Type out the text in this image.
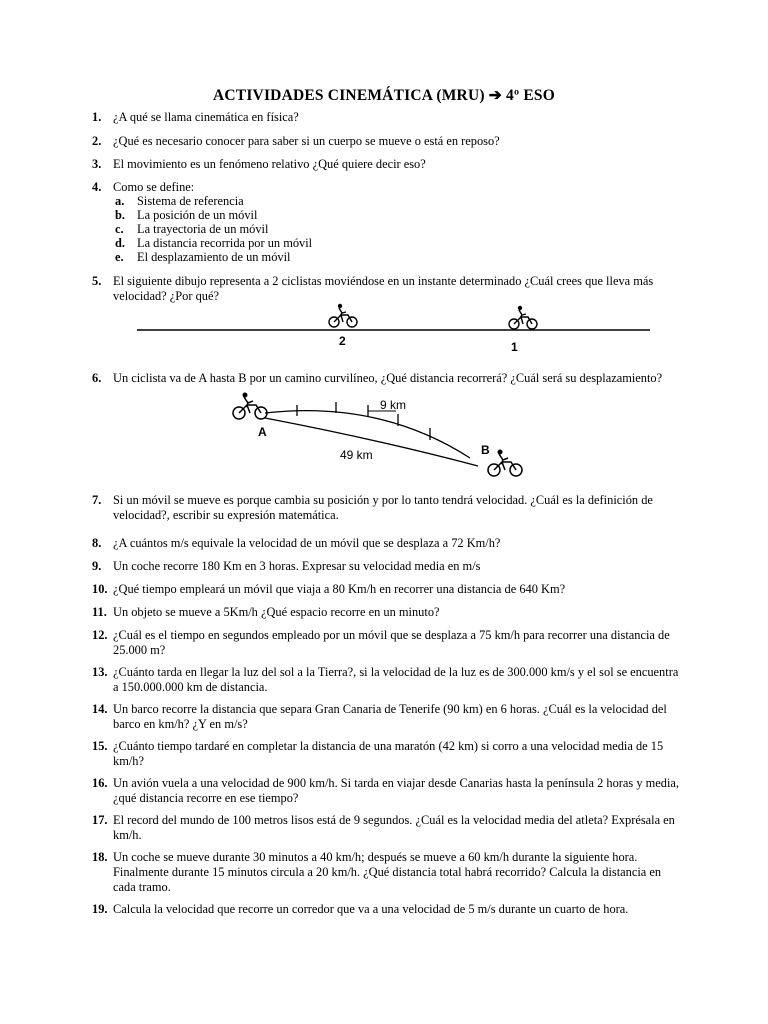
ACTIVIDADES CINEMÁTICA (MRU) ➔ 4º ESO
1. ¿A qué se llama cinemática en física?
2. ¿Qué es necesario conocer para saber si un cuerpo se mueve o está en reposo?
3. El movimiento es un fenómeno relativo ¿Qué quiere decir eso?
4. Como se define:
a. Sistema de referencia
b. La posición de un móvil
c. La trayectoria de un móvil
d. La distancia recorrida por un móvil
e. El desplazamiento de un móvil
5. El siguiente dibujo representa a 2 ciclistas moviéndose en un instante determinado ¿Cuál crees que lleva más velocidad? ¿Por qué?
2	1
A
9 km
49 km	B
6. Un ciclista va de A hasta B por un camino curvilíneo, ¿Qué distancia recorrerá? ¿Cuál será su desplazamiento?
7. Si un móvil se mueve es porque cambia su posición y por lo tanto tendrá velocidad. ¿Cuál es la definición de velocidad?, escribir su expresión matemática.
8. ¿A cuántos m/s equivale la velocidad de un móvil que se desplaza a 72 Km/h?
9. Un coche recorre 180 Km en 3 horas. Expresar su velocidad media en m/s
10. ¿Qué tiempo empleará un móvil que viaja a 80 Km/h en recorrer una distancia de 640 Km?
11. Un objeto se mueve a 5Km/h ¿Qué espacio recorre en un minuto?
12. ¿Cuál es el tiempo en segundos empleado por un móvil que se desplaza a 75 km/h para recorrer una distancia de 25.000 m?
13. ¿Cuánto tarda en llegar la luz del sol a la Tierra?, si la velocidad de la luz es de 300.000 km/s y el sol se encuentra a 150.000.000 km de distancia.
14. Un barco recorre la distancia que separa Gran Canaria de Tenerife (90 km) en 6 horas. ¿Cuál es la velocidad del barco en km/h? ¿Y en m/s?
15. ¿Cuánto tiempo tardaré en completar la distancia de una maratón (42 km) si corro a una velocidad media de 15 km/h?
16. Un avión vuela a una velocidad de 900 km/h. Si tarda en viajar desde Canarias hasta la península 2 horas y media, ¿qué distancia recorre en ese tiempo?
17. El record del mundo de 100 metros lisos está de 9 segundos. ¿Cuál es la velocidad media del atleta? Exprésala en km/h.
18. Un coche se mueve durante 30 minutos a 40 km/h; después se mueve a 60 km/h durante la siguiente hora. Finalmente durante 15 minutos circula a 20 km/h. ¿Qué distancia total habrá recorrido? Calcula la distancia en cada tramo.
19. Calcula la velocidad que recorre un corredor que va a una velocidad de 5 m/s durante un cuarto de hora.
